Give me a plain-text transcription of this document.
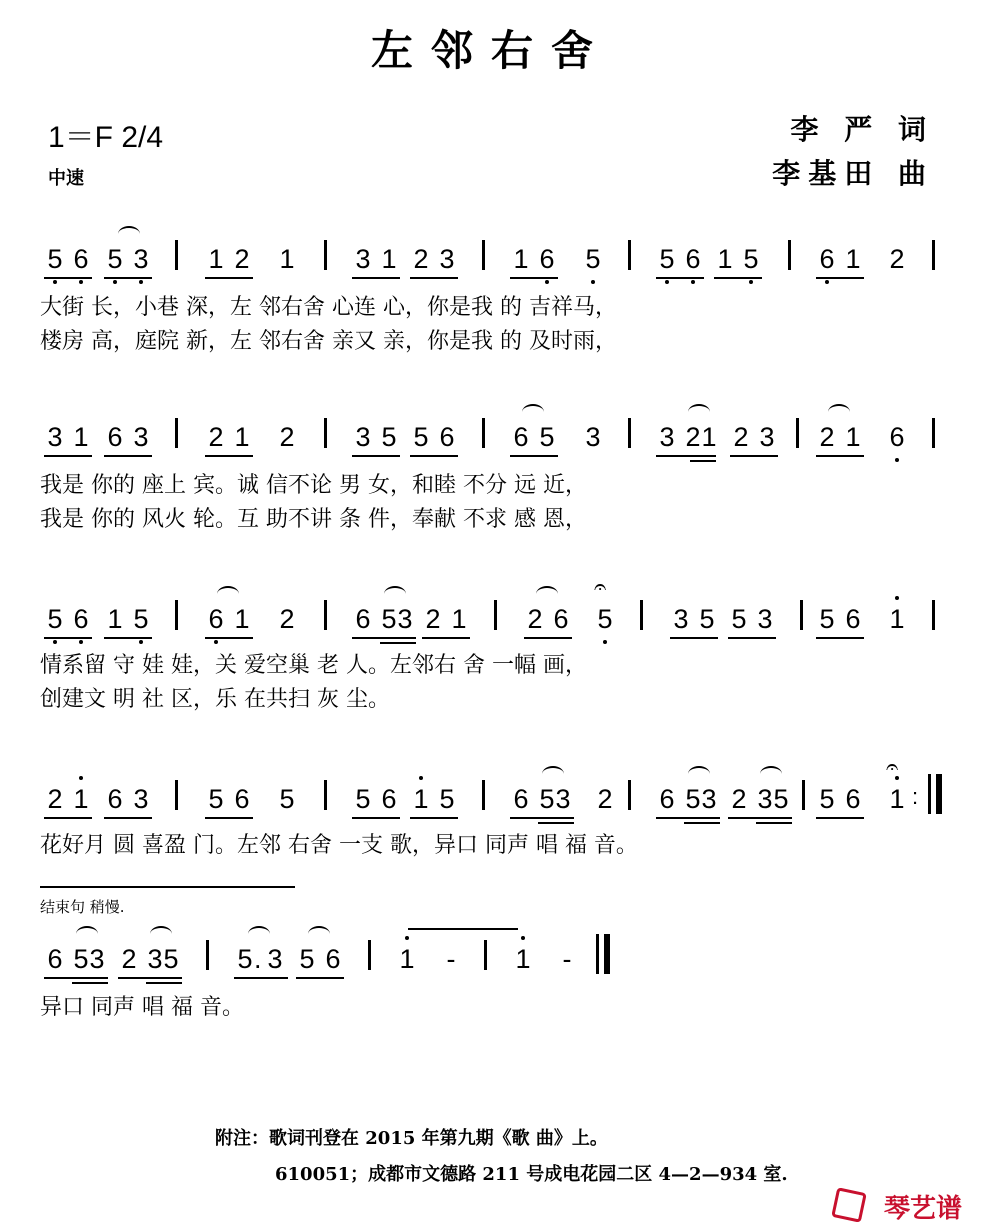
左邻右舍
1＝F 2/4
中速
李 严 词
李基田 曲
5 6 5 3 1 2 1 3 1 2 3 1 6 5 5 6 1 5 6 1 2
大街 长，小巷 深，左 邻右舍 心连 心，你是我 的 吉祥马，
楼房 高，庭院 新，左 邻右舍 亲又 亲，你是我 的 及时雨，
3 1 6 3 2 1 2 3 5 5 6 6 5 3 3 2 1 2 3 2 1 6
我是 你的 座上 宾。诚 信不论 男 女，和睦 不分 远 近，
我是 你的 风火 轮。互 助不讲 条 件，奉献 不求 感 恩，
5 6 1 5 6 1 2 6 5 3 2 1 2 6 5
𝄐
3 5 5 3 5 6 1
情系留 守 娃 娃，关 爱空巢 老 人。左邻右 舍 一幅 画，
创建文 明 社 区，乐 在共扫 灰 尘。
2 1 6 3 5 6 5 5 6 1 5 6 5 3 2 6 5 3 2 3 5 5 6 1
𝄐
:
花好月 圆 喜盈 门。左邻 右舍 一支 歌，异口 同声 唱 福 音。
结束句 稍慢.
6 5 3 2 3 5 5 . 3 5 6 1 - 1 -
异口 同声 唱 福 音。
附注：歌词刊登在 2015 年第九期《歌 曲》上。
610051；成都市文德路 211 号成电花园二区 4—2—934 室.
琴艺谱
